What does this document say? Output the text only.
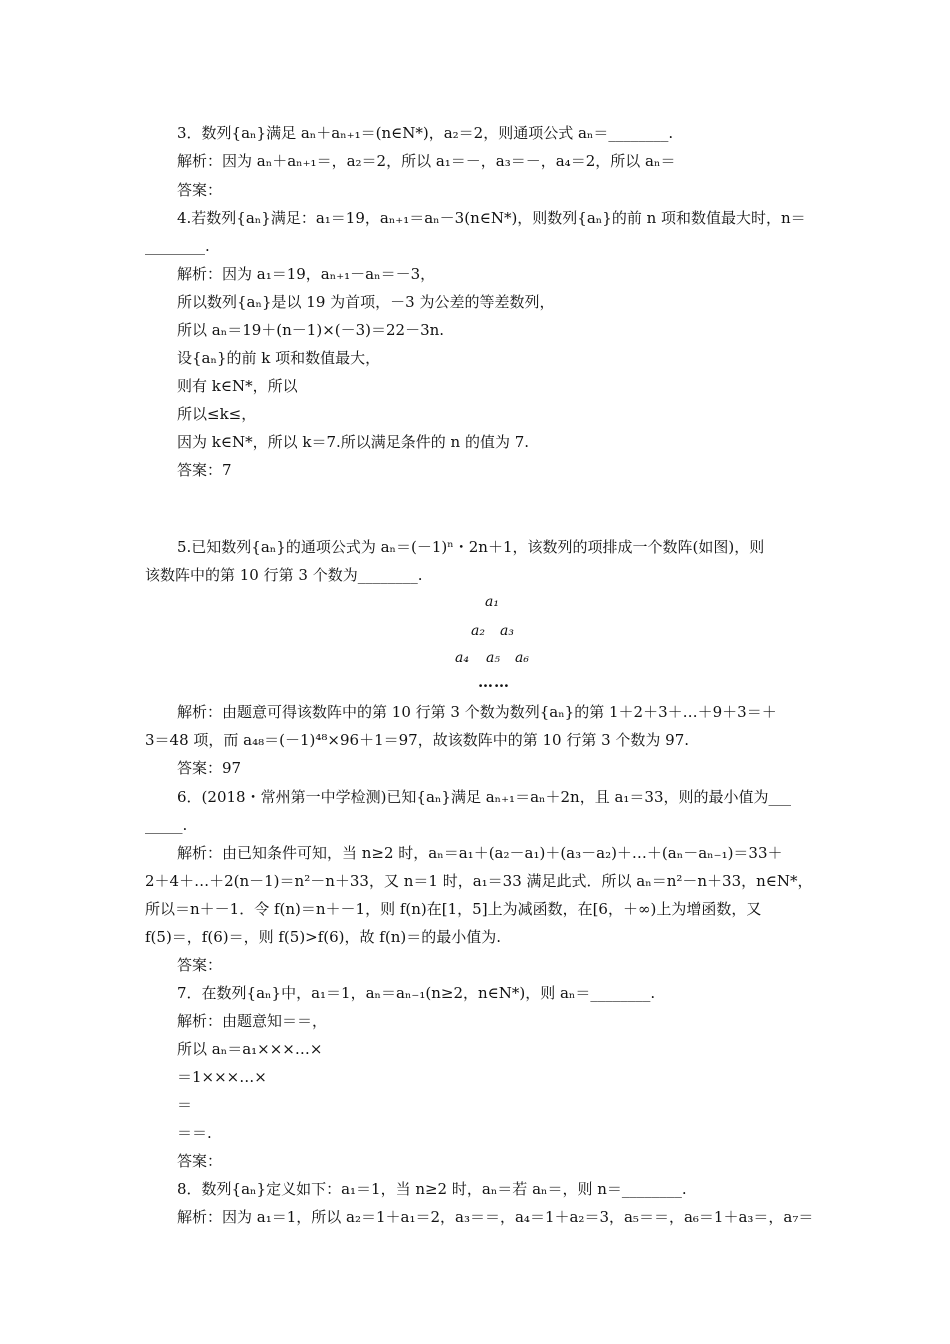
3．数列{aₙ}满足 aₙ＋aₙ₊₁＝(n∈N*)，a₂＝2，则通项公式 aₙ＝________.
解析：因为 aₙ＋aₙ₊₁＝，a₂＝2，所以 a₁＝－，a₃＝－，a₄＝2，所以 aₙ＝
答案：
4.若数列{aₙ}满足：a₁＝19，aₙ₊₁＝aₙ－3(n∈N*)，则数列{aₙ}的前 n 项和数值最大时，n＝
________.
解析：因为 a₁＝19，aₙ₊₁－aₙ＝－3，
所以数列{aₙ}是以 19 为首项，－3 为公差的等差数列，
所以 aₙ＝19＋(n－1)×(－3)＝22－3n.
设{aₙ}的前 k 项和数值最大，
则有 k∈N*，所以
所以≤k≤，
因为 k∈N*，所以 k＝7.所以满足条件的 n 的值为 7.
答案：7
5.已知数列{aₙ}的通项公式为 aₙ＝(－1)ⁿ・2n＋1，该数列的项排成一个数阵(如图)，则
该数阵中的第 10 行第 3 个数为________.
a₁
a₂ a₃
a₄ a₅ a₆
……
解析：由题意可得该数阵中的第 10 行第 3 个数为数列{aₙ}的第 1＋2＋3＋…＋9＋3＝＋
3＝48 项，而 a₄₈＝(－1)⁴⁸×96＋1＝97，故该数阵中的第 10 行第 3 个数为 97.
答案：97
6．(2018・常州第一中学检测)已知{aₙ}满足 aₙ₊₁＝aₙ＋2n，且 a₁＝33，则的最小值为___
_____.
解析：由已知条件可知，当 n≥2 时，aₙ＝a₁＋(a₂－a₁)＋(a₃－a₂)＋…＋(aₙ－aₙ₋₁)＝33＋
2＋4＋…＋2(n－1)＝n²－n＋33，又 n＝1 时，a₁＝33 满足此式．所以 aₙ＝n²－n＋33，n∈N*，
所以＝n＋－1．令 f(n)＝n＋－1，则 f(n)在[1，5]上为减函数，在[6，＋∞)上为增函数，又
f(5)＝，f(6)＝，则 f(5)>f(6)，故 f(n)＝的最小值为.
答案：
7．在数列{aₙ}中，a₁＝1，aₙ＝aₙ₋₁(n≥2，n∈N*)，则 aₙ＝________.
解析：由题意知＝＝，
所以 aₙ＝a₁×××…×
＝1×××…×
＝
＝＝.
答案：
8．数列{aₙ}定义如下：a₁＝1，当 n≥2 时，aₙ＝若 aₙ＝，则 n＝________.
解析：因为 a₁＝1，所以 a₂＝1＋a₁＝2，a₃＝＝，a₄＝1＋a₂＝3，a₅＝＝，a₆＝1＋a₃＝，a₇＝
